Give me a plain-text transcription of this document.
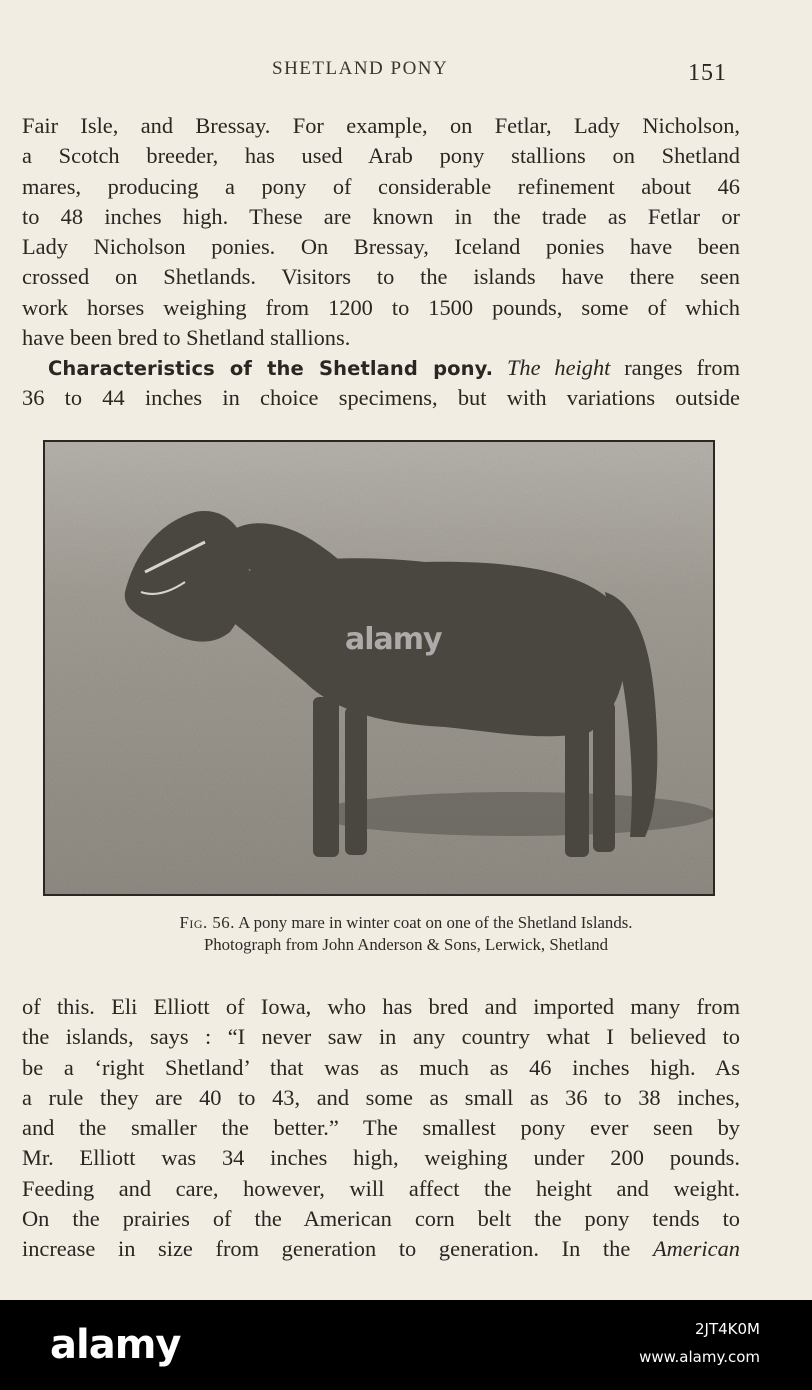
SHETLAND PONY	151
Fair Isle, and Bressay. For example, on Fetlar, Lady Nicholson,
a Scotch breeder, has used Arab pony stallions on Shetland
mares, producing a pony of considerable refinement about 46
to 48 inches high. These are known in the trade as Fetlar or
Lady Nicholson ponies. On Bressay, Iceland ponies have been
crossed on Shetlands. Visitors to the islands have there seen
work horses weighing from 1200 to 1500 pounds, some of which
have been bred to Shetland stallions.
Characteristics of the Shetland pony. The height ranges from
36 to 44 inches in choice specimens, but with variations outside
alamy
Fig. 56. A pony mare in winter coat on one of the Shetland Islands.
Photograph from John Anderson & Sons, Lerwick, Shetland
of this. Eli Elliott of Iowa, who has bred and imported many from
the islands, says : “I never saw in any country what I believed to
be a ‘right Shetland’ that was as much as 46 inches high. As
a rule they are 40 to 43, and some as small as 36 to 38 inches,
and the smaller the better.” The smallest pony ever seen by
Mr. Elliott was 34 inches high, weighing under 200 pounds.
Feeding and care, however, will affect the height and weight.
On the prairies of the American corn belt the pony tends to
increase in size from generation to generation. In the American
alamy	2JT4K0M
www.alamy.com
